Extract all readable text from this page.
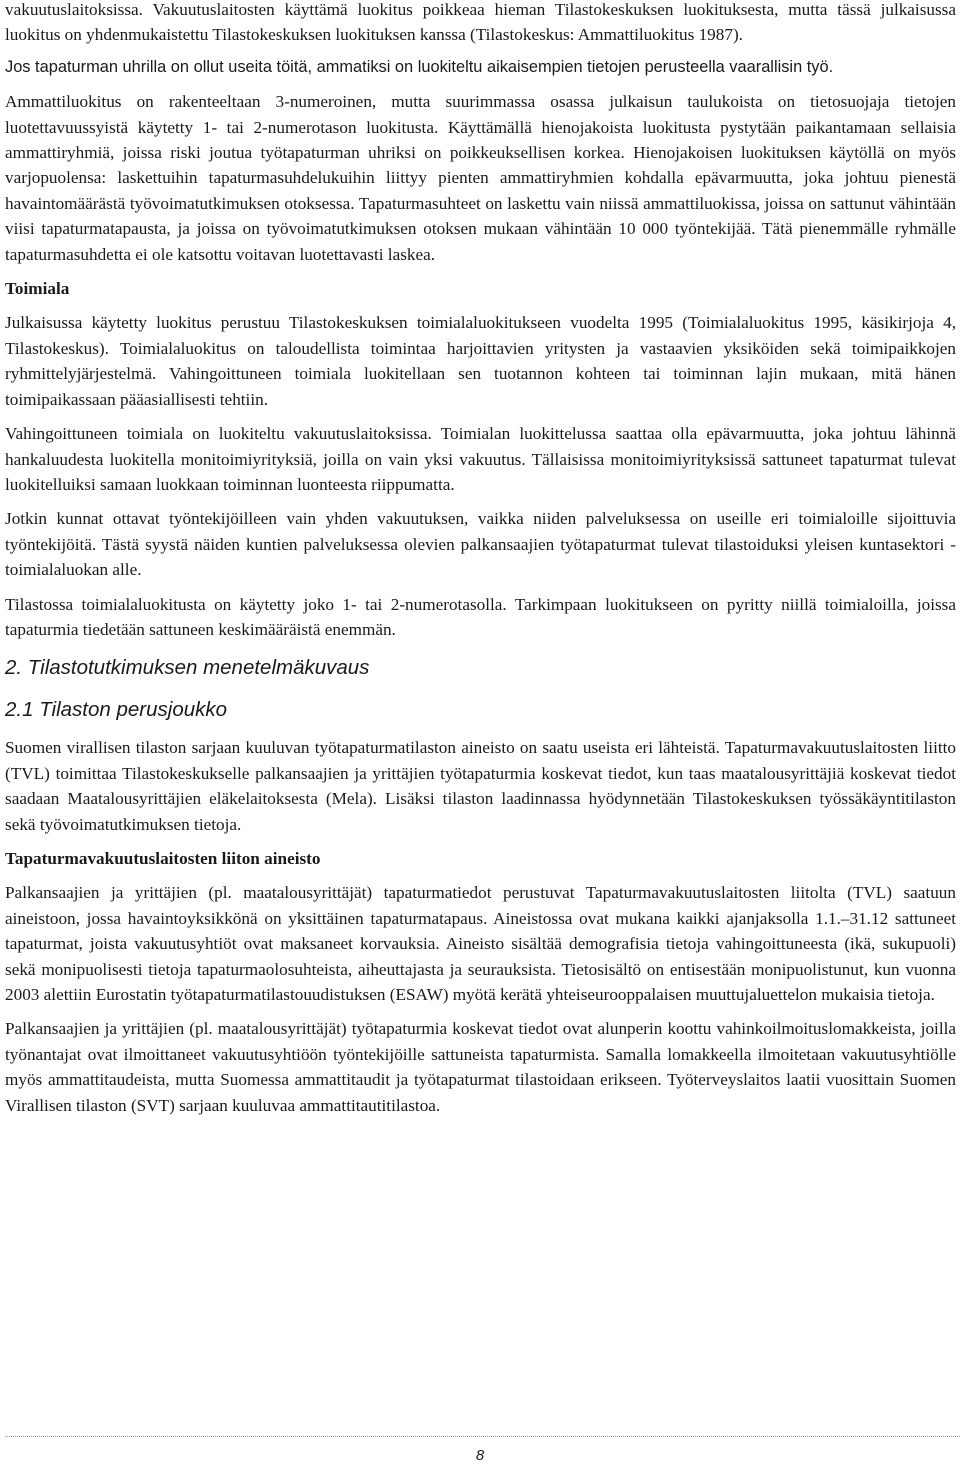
vakuutuslaitoksissa. Vakuutuslaitosten käyttämä luokitus poikkeaa hieman Tilastokeskuksen luokituksesta, mutta tässä julkaisussa luokitus on yhdenmukaistettu Tilastokeskuksen luokituksen kanssa (Tilastokeskus: Ammattiluokitus 1987).

Jos tapaturman uhrilla on ollut useita töitä, ammatiksi on luokiteltu aikaisempien tietojen perusteella vaarallisin työ.

Ammattiluokitus on rakenteeltaan 3-numeroinen, mutta suurimmassa osassa julkaisun taulukoista on tietosuojaja tietojen luotettavuussyistä käytetty 1- tai 2-numerotason luokitusta. Käyttämällä hienojakoista luokitusta pystytään paikantamaan sellaisia ammattiryhmiä, joissa riski joutua työtapaturman uhriksi on poikkeuksellisen korkea. Hienojakoisen luokituksen käytöllä on myös varjopuolensa: laskettuihin tapaturmasuhdelukuihin liittyy pienten ammattiryhmien kohdalla epävarmuutta, joka johtuu pienestä havaintomäärästä työvoimatutkimuksen otoksessa. Tapaturmasuhteet on laskettu vain niissä ammattiluokissa, joissa on sattunut vähintään viisi tapaturmatapausta, ja joissa on työvoimatutkimuksen otoksen mukaan vähintään 10 000 työntekijää. Tätä pienemmälle ryhmälle tapaturmasuhdetta ei ole katsottu voitavan luotettavasti laskea.

Toimiala

Julkaisussa käytetty luokitus perustuu Tilastokeskuksen toimialaluokitukseen vuodelta 1995 (Toimialaluokitus 1995, käsikirjoja 4, Tilastokeskus). Toimialaluokitus on taloudellista toimintaa harjoittavien yritysten ja vastaavien yksiköiden sekä toimipaikkojen ryhmittelyjärjestelmä. Vahingoittuneen toimiala luokitellaan sen tuotannon kohteen tai toiminnan lajin mukaan, mitä hänen toimipaikassaan pääasiallisesti tehtiin.

Vahingoittuneen toimiala on luokiteltu vakuutuslaitoksissa. Toimialan luokittelussa saattaa olla epävarmuutta, joka johtuu lähinnä hankaluudesta luokitella monitoimiyrityksiä, joilla on vain yksi vakuutus. Tällaisissa monitoimiyrityksissä sattuneet tapaturmat tulevat luokitelluiksi samaan luokkaan toiminnan luonteesta riippumatta.

Jotkin kunnat ottavat työntekijöilleen vain yhden vakuutuksen, vaikka niiden palveluksessa on useille eri toimialoille sijoittuvia työntekijöitä. Tästä syystä näiden kuntien palveluksessa olevien palkansaajien työtapaturmat tulevat tilastoiduksi yleisen kuntasektori -toimialaluokan alle.

Tilastossa toimialaluokitusta on käytetty joko 1- tai 2-numerotasolla. Tarkimpaan luokitukseen on pyritty niillä toimialoilla, joissa tapaturmia tiedetään sattuneen keskimääräistä enemmän.

2. Tilastotutkimuksen menetelmäkuvaus
2.1 Tilaston perusjoukko

Suomen virallisen tilaston sarjaan kuuluvan työtapaturmatilaston aineisto on saatu useista eri lähteistä. Tapaturmavakuutuslaitosten liitto (TVL) toimittaa Tilastokeskukselle palkansaajien ja yrittäjien työtapaturmia koskevat tiedot, kun taas maatalousyrittäjiä koskevat tiedot saadaan Maatalousyrittäjien eläkelaitoksesta (Mela). Lisäksi tilaston laadinnassa hyödynnetään Tilastokeskuksen työssäkäyntitilaston sekä työvoimatutkimuksen tietoja.

Tapaturmavakuutuslaitosten liiton aineisto

Palkansaajien ja yrittäjien (pl. maatalousyrittäjät) tapaturmatiedot perustuvat Tapaturmavakuutuslaitosten liitolta (TVL) saatuun aineistoon, jossa havaintoyksikkönä on yksittäinen tapaturmatapaus. Aineistossa ovat mukana kaikki ajanjaksolla 1.1.–31.12 sattuneet tapaturmat, joista vakuutusyhtiöt ovat maksaneet korvauksia. Aineisto sisältää demografisia tietoja vahingoittuneesta (ikä, sukupuoli) sekä monipuolisesti tietoja tapaturmaolosuhteista, aiheuttajasta ja seurauksista. Tietosisältö on entisestään monipuolistunut, kun vuonna 2003 alettiin Eurostatin työtapaturmatilastouudistuksen (ESAW) myötä kerätä yhteiseurooppalaisen muuttujaluettelon mukaisia tietoja.

Palkansaajien ja yrittäjien (pl. maatalousyrittäjät) työtapaturmia koskevat tiedot ovat alunperin koottu vahinkoilmoituslomakkeista, joilla työnantajat ovat ilmoittaneet vakuutusyhtiöön työntekijöille sattuneista tapaturmista. Samalla lomakkeella ilmoitetaan vakuutusyhtiölle myös ammattitaudeista, mutta Suomessa ammattitaudit ja työtapaturmat tilastoidaan erikseen. Työterveyslaitos laatii vuosittain Suomen Virallisen tilaston (SVT) sarjaan kuuluvaa ammattitautitilastoa.

8
